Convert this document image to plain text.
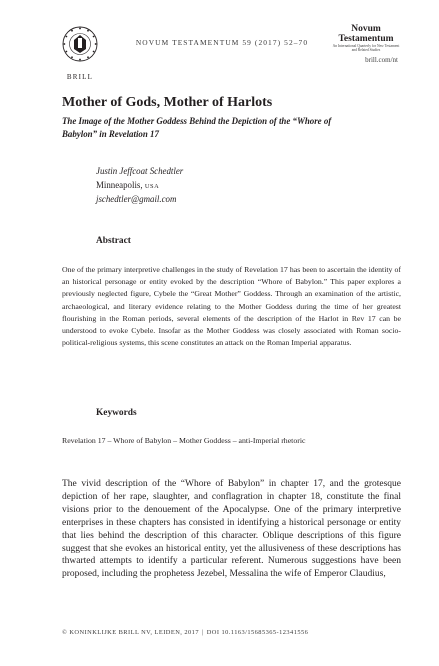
BRILL
NOVUM TESTAMENTUM 59 (2017) 52–70
Novum Testamentum
An International Quarterly for New Testament and Related Studies
brill.com/nt
Mother of Gods, Mother of Harlots
The Image of the Mother Goddess Behind the Depiction of the “Whore of Babylon” in Revelation 17
Justin Jeffcoat Schedtler
Minneapolis, USA
jschedtler@gmail.com
Abstract
One of the primary interpretive challenges in the study of Revelation 17 has been to ascertain the identity of an historical personage or entity evoked by the description “Whore of Babylon.” This paper explores a previously neglected figure, Cybele the “Great Mother” Goddess. Through an examination of the artistic, archaeological, and literary evidence relating to the Mother Goddess during the time of her greatest flourishing in the Roman periods, several elements of the description of the Harlot in Rev 17 can be understood to evoke Cybele. Insofar as the Mother Goddess was closely associated with Roman socio-political-religious systems, this scene constitutes an attack on the Roman Imperial apparatus.
Keywords
Revelation 17 – Whore of Babylon – Mother Goddess – anti-Imperial rhetoric
The vivid description of the “Whore of Babylon” in chapter 17, and the grotesque depiction of her rape, slaughter, and conflagration in chapter 18, constitute the final visions prior to the denouement of the Apocalypse. One of the primary interpretive enterprises in these chapters has consisted in identifying a historical personage or entity that lies behind the description of this character. Oblique descriptions of this figure suggest that she evokes an historical entity, yet the allusiveness of these descriptions has thwarted attempts to identify a particular referent. Numerous suggestions have been proposed, including the prophetess Jezebel, Messalina the wife of Emperor Claudius,
© KONINKLIJKE BRILL NV, LEIDEN, 2017 | DOI 10.1163/15685365-12341556
